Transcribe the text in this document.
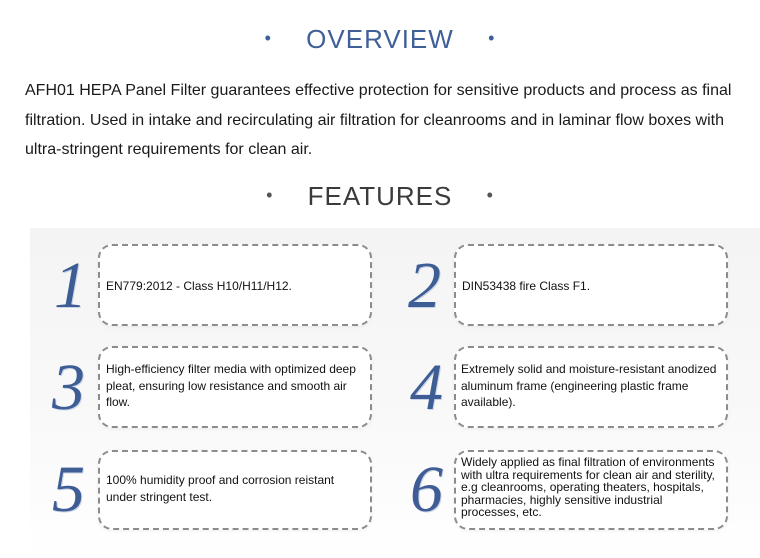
• OVERVIEW •

AFH01 HEPA Panel Filter guarantees effective protection for sensitive products and process as final filtration. Used in intake and recirculating air filtration for cleanrooms and in laminar flow boxes with ultra-stringent requirements for clean air.

• FEATURES •
1 EN779:2012 - Class H10/H11/H12.	2 DIN53438 fire Class F1.
3 High-efficiency filter media with optimized deep pleat, ensuring low resistance and smooth air flow.	4 Extremely solid and moisture-resistant anodized aluminum frame (engineering plastic frame available).
5 100% humidity proof and corrosion reistant under stringent test.	6 Widely applied as final filtration of environments with ultra requirements for clean air and sterility, e.g cleanrooms, operating theaters, hospitals, pharmacies, highly sensitive industrial processes, etc.
